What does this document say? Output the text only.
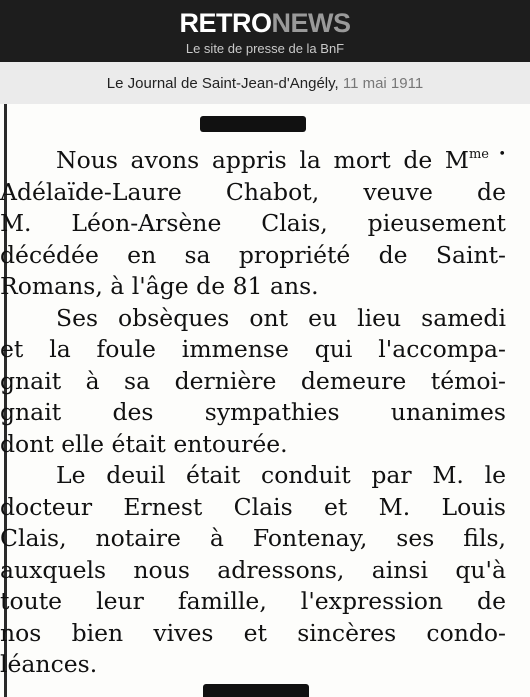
RETRONEWS
Le site de presse de la BnF
Le Journal de Saint-Jean-d'Angély, 11 mai 1911

Nous avons appris la mort de $M^{me •}$
Adélaïde-Laure Chabot, veuve de
M. Léon-Arsène Clais, pieusement
décédée en sa propriété de Saint-
Romans, à l'âge de 81 ans.

Ses obsèques ont eu lieu samedi
et la foule immense qui l'accompa-
gnait à sa dernière demeure témoi-
gnait des sympathies unanimes
dont elle était entourée.

Le deuil était conduit par M. le
docteur Ernest Clais et M. Louis
Clais, notaire à Fontenay, ses fils,
auxquels nous adressons, ainsi qu'à
toute leur famille, l'expression de
nos bien vives et sincères condo-
léances.
